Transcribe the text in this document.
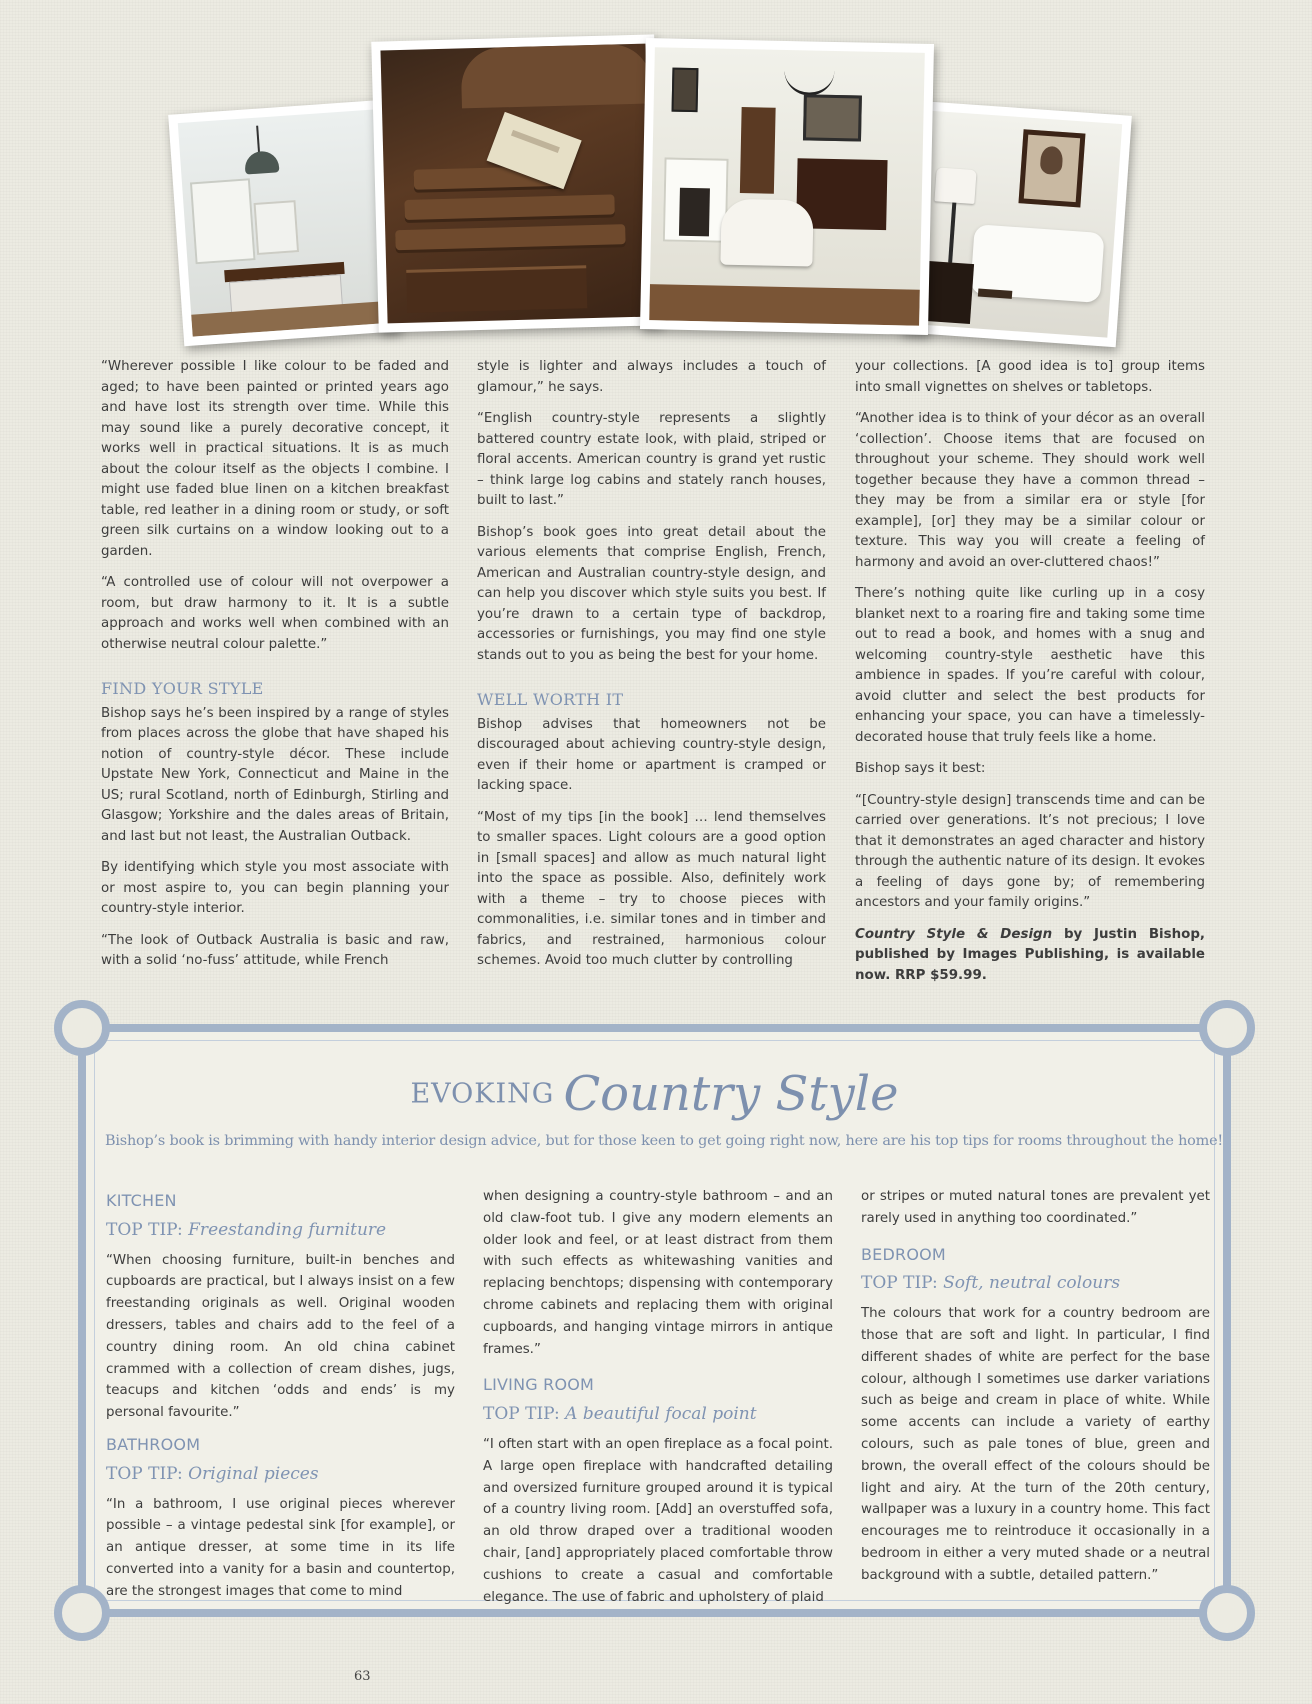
“Wherever possible I like colour to be faded and aged; to have been painted or printed years ago and have lost its strength over time. While this may sound like a purely decorative concept, it works well in practical situations. It is as much about the colour itself as the objects I combine. I might use faded blue linen on a kitchen breakfast table, red leather in a dining room or study, or soft green silk curtains on a window looking out to a garden.

“A controlled use of colour will not overpower a room, but draw harmony to it. It is a subtle approach and works well when combined with an otherwise neutral colour palette.”

FIND YOUR STYLE

Bishop says he’s been inspired by a range of styles from places across the globe that have shaped his notion of country-style décor. These include Upstate New York, Connecticut and Maine in the US; rural Scotland, north of Edinburgh, Stirling and Glasgow; Yorkshire and the dales areas of Britain, and last but not least, the Australian Outback.

By identifying which style you most associate with or most aspire to, you can begin planning your country-style interior.

“The look of Outback Australia is basic and raw, with a solid ‘no-fuss’ attitude, while French

style is lighter and always includes a touch of glamour,” he says.

“English country-style represents a slightly battered country estate look, with plaid, striped or floral accents. American country is grand yet rustic – think large log cabins and stately ranch houses, built to last.”

Bishop’s book goes into great detail about the various elements that comprise English, French, American and Australian country-style design, and can help you discover which style suits you best. If you’re drawn to a certain type of backdrop, accessories or furnishings, you may find one style stands out to you as being the best for your home.

WELL WORTH IT

Bishop advises that homeowners not be discouraged about achieving country-style design, even if their home or apartment is cramped or lacking space.

“Most of my tips [in the book] … lend themselves to smaller spaces. Light colours are a good option in [small spaces] and allow as much natural light into the space as possible. Also, definitely work with a theme – try to choose pieces with commonalities, i.e. similar tones and in timber and fabrics, and restrained, harmonious colour schemes. Avoid too much clutter by controlling

your collections. [A good idea is to] group items into small vignettes on shelves or tabletops.

“Another idea is to think of your décor as an overall ‘collection’. Choose items that are focused on throughout your scheme. They should work well together because they have a common thread – they may be from a similar era or style [for example], [or] they may be a similar colour or texture. This way you will create a feeling of harmony and avoid an over-cluttered chaos!”

There’s nothing quite like curling up in a cosy blanket next to a roaring fire and taking some time out to read a book, and homes with a snug and welcoming country-style aesthetic have this ambience in spades. If you’re careful with colour, avoid clutter and select the best products for enhancing your space, you can have a timelessly-decorated house that truly feels like a home.

Bishop says it best:

“[Country-style design] transcends time and can be carried over generations. It’s not precious; I love that it demonstrates an aged character and history through the authentic nature of its design. It evokes a feeling of days gone by; of remembering ancestors and your family origins.”

Country Style & Design by Justin Bishop, published by Images Publishing, is available now. RRP $59.99.

EVOKING Country Style
Bishop’s book is brimming with handy interior design advice, but for those keen to get going right now, here are his top tips for rooms throughout the home!
KITCHEN
TOP TIP: Freestanding furniture

“When choosing furniture, built-in benches and cupboards are practical, but I always insist on a few freestanding originals as well. Original wooden dressers, tables and chairs add to the feel of a country dining room. An old china cabinet crammed with a collection of cream dishes, jugs, teacups and kitchen ‘odds and ends’ is my personal favourite.”

BATHROOM
TOP TIP: Original pieces

“In a bathroom, I use original pieces wherever possible – a vintage pedestal sink [for example], or an antique dresser, at some time in its life converted into a vanity for a basin and countertop, are the strongest images that come to mind

when designing a country-style bathroom – and an old claw-foot tub. I give any modern elements an older look and feel, or at least distract from them with such effects as whitewashing vanities and replacing benchtops; dispensing with contemporary chrome cabinets and replacing them with original cupboards, and hanging vintage mirrors in antique frames.”

LIVING ROOM
TOP TIP: A beautiful focal point

“I often start with an open fireplace as a focal point. A large open fireplace with handcrafted detailing and oversized furniture grouped around it is typical of a country living room. [Add] an overstuffed sofa, an old throw draped over a traditional wooden chair, [and] appropriately placed comfortable throw cushions to create a casual and comfortable elegance. The use of fabric and upholstery of plaid

or stripes or muted natural tones are prevalent yet rarely used in anything too coordinated.”

BEDROOM
TOP TIP: Soft, neutral colours

The colours that work for a country bedroom are those that are soft and light. In particular, I find different shades of white are perfect for the base colour, although I sometimes use darker variations such as beige and cream in place of white. While some accents can include a variety of earthy colours, such as pale tones of blue, green and brown, the overall effect of the colours should be light and airy. At the turn of the 20th century, wallpaper was a luxury in a country home. This fact encourages me to reintroduce it occasionally in a bedroom in either a very muted shade or a neutral background with a subtle, detailed pattern.”

63
